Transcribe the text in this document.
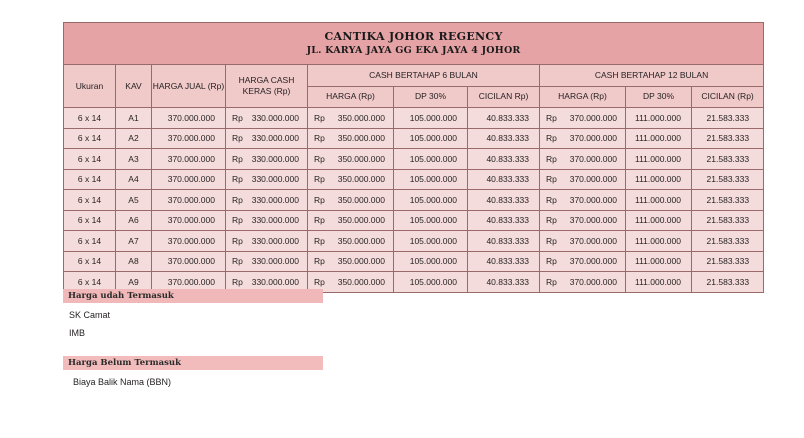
CANTIKA JOHOR REGENCY
JL. KARYA JAYA GG EKA JAYA 4 JOHOR									

Ukuran	KAV	HARGA JUAL (Rp)	HARGA CASH KERAS (Rp)	CASH BERTAHAP 6 BULAN			CASH BERTAHAP 12 BULAN		
				HARGA (Rp)	DP 30%	CICILAN Rp)	HARGA (Rp)	DP 30%	CICILAN (Rp)
6 x 14	A1	370.000.000	Rp 330.000.000	Rp 350.000.000	105.000.000	40.833.333	Rp 370.000.000	111.000.000	21.583.333
6 x 14	A2	370.000.000	Rp 330.000.000	Rp 350.000.000	105.000.000	40.833.333	Rp 370.000.000	111.000.000	21.583.333
6 x 14	A3	370.000.000	Rp 330.000.000	Rp 350.000.000	105.000.000	40.833.333	Rp 370.000.000	111.000.000	21.583.333
6 x 14	A4	370.000.000	Rp 330.000.000	Rp 350.000.000	105.000.000	40.833.333	Rp 370.000.000	111.000.000	21.583.333
6 x 14	A5	370.000.000	Rp 330.000.000	Rp 350.000.000	105.000.000	40.833.333	Rp 370.000.000	111.000.000	21.583.333
6 x 14	A6	370.000.000	Rp 330.000.000	Rp 350.000.000	105.000.000	40.833.333	Rp 370.000.000	111.000.000	21.583.333
6 x 14	A7	370.000.000	Rp 330.000.000	Rp 350.000.000	105.000.000	40.833.333	Rp 370.000.000	111.000.000	21.583.333
6 x 14	A8	370.000.000	Rp 330.000.000	Rp 350.000.000	105.000.000	40.833.333	Rp 370.000.000	111.000.000	21.583.333
6 x 14	A9	370.000.000	Rp 330.000.000	Rp 350.000.000	105.000.000	40.833.333	Rp 370.000.000	111.000.000	21.583.333
Harga udah Termasuk
SK Camat
IMB
Harga Belum Termasuk
Biaya Balik Nama (BBN)
